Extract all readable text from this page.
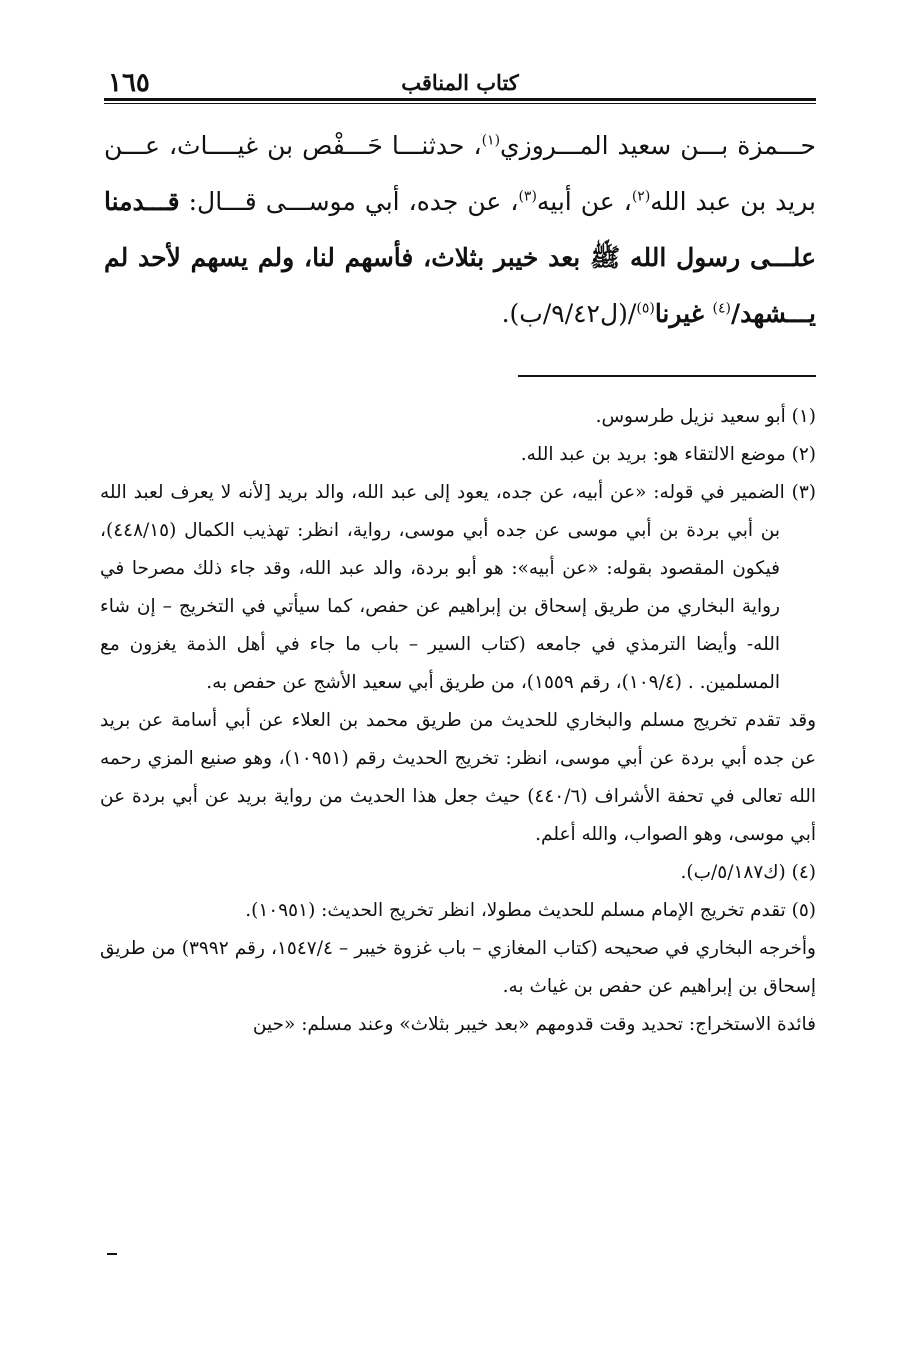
١٦٥	كتاب المناقب
حـــمزة بـــن سعيد المـــروزي$^{(١)}$، حدثنـــا حَـــفْص بن غيــــاث، عـــن بريد بن عبد الله$^{(٢)}$، عن أبيه$^{(٣)}$، عن جده، أبي موســـى قـــال: قـــدمنا علـــى رسول الله ﷺ بعد خيبر بثلاث، فأسهم لنا، ولم يسهم لأحد لم يـــشهد/$^{(٤)}$ غيرنا$^{(٥)}$/(ل٩/٤٢/ب).

(١) أبو سعيد نزيل طرسوس.

(٢) موضع الالتقاء هو: بريد بن عبد الله.

(٣) الضمير في قوله: «عن أبيه، عن جده، يعود إلى عبد الله، والد بريد [لأنه لا يعرف لعبد الله بن أبي بردة بن أبي موسى عن جده أبي موسى، رواية، انظر: تهذيب الكمال (٤٤٨/١٥)، فيكون المقصود بقوله: «عن أبيه»: هو أبو بردة، والد عبد الله، وقد جاء ذلك مصرحا في رواية البخاري من طريق إسحاق بن إبراهيم عن حفص، كما سيأتي في التخريج – إن شاء الله- وأيضا الترمذي في جامعه (كتاب السير – باب ما جاء في أهل الذمة يغزون مع المسلمين. . (١٠٩/٤)، رقم ١٥٥٩)، من طريق أبي سعيد الأشج عن حفص به.

وقد تقدم تخريج مسلم والبخاري للحديث من طريق محمد بن العلاء عن أبي أسامة عن بريد عن جده أبي بردة عن أبي موسى، انظر: تخريج الحديث رقم (١٠٩٥١)، وهو صنيع المزي رحمه الله تعالى في تحفة الأشراف (٤٤٠/٦) حيث جعل هذا الحديث من رواية بريد عن أبي بردة عن أبي موسى، وهو الصواب، والله أعلم.

(٤) (ك٥/١٨٧/ب).

(٥) تقدم تخريج الإمام مسلم للحديث مطولا، انظر تخريج الحديث: (١٠٩٥١).

وأخرجه البخاري في صحيحه (كتاب المغازي – باب غزوة خيبر – ١٥٤٧/٤، رقم ٣٩٩٢) من طريق إسحاق بن إبراهيم عن حفص بن غياث به.

فائدة الاستخراج: تحديد وقت قدومهم «بعد خيبر بثلاث» وعند مسلم: «حين
